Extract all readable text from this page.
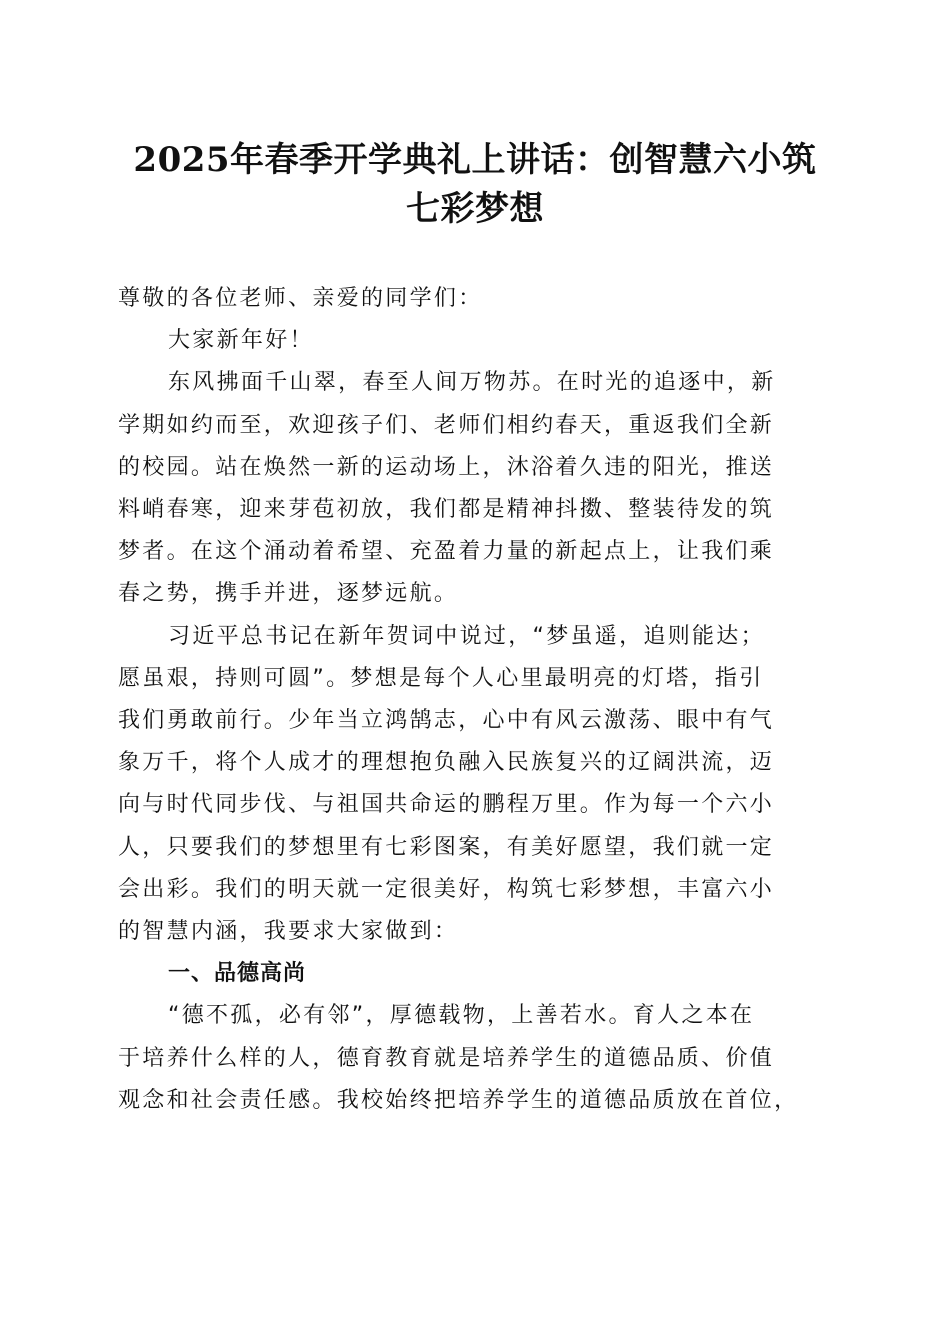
2025年春季开学典礼上讲话：创智慧六小筑
七彩梦想

尊敬的各位老师、亲爱的同学们：

大家新年好！

东风拂面千山翠，春至人间万物苏。在时光的追逐中，新
学期如约而至，欢迎孩子们、老师们相约春天，重返我们全新
的校园。站在焕然一新的运动场上，沐浴着久违的阳光，推送
料峭春寒，迎来芽苞初放，我们都是精神抖擞、整装待发的筑
梦者。在这个涌动着希望、充盈着力量的新起点上，让我们乘
春之势，携手并进，逐梦远航。

习近平总书记在新年贺词中说过，“梦虽遥，追则能达；
愿虽艰，持则可圆”。梦想是每个人心里最明亮的灯塔，指引
我们勇敢前行。少年当立鸿鹄志，心中有风云激荡、眼中有气
象万千，将个人成才的理想抱负融入民族复兴的辽阔洪流，迈
向与时代同步伐、与祖国共命运的鹏程万里。作为每一个六小
人，只要我们的梦想里有七彩图案，有美好愿望，我们就一定
会出彩。我们的明天就一定很美好，构筑七彩梦想，丰富六小
的智慧内涵，我要求大家做到：

一、品德高尚

“德不孤，必有邻”，厚德载物，上善若水。育人之本在
于培养什么样的人，德育教育就是培养学生的道德品质、价值
观念和社会责任感。我校始终把培养学生的道德品质放在首位，
